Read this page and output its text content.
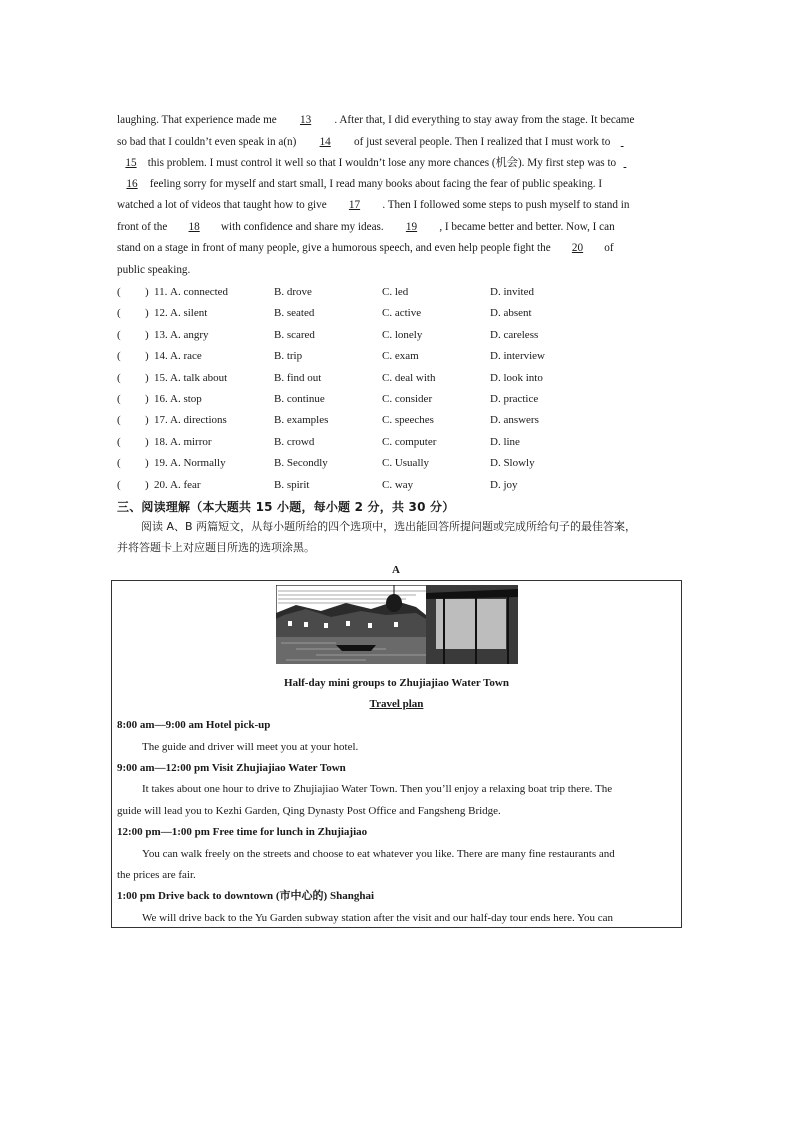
laughing. That experience made me 13 . After that, I did everything to stay away from the stage. It became
so bad that I couldn’t even speak in a(n) 14 of just several people. Then I realized that I must work to
15 this problem. I must control it well so that I wouldn’t lose any more chances (机会). My first step was to
16 feeling sorry for myself and start small, I read many books about facing the fear of public speaking. I
watched a lot of videos that taught how to give 17 . Then I followed some steps to push myself to stand in
front of the 18 with confidence and share my ideas. 19 , I became better and better. Now, I can
stand on a stage in front of many people, give a humorous speech, and even help people fight the 20 of
public speaking.
( ) 11. A. connected	B. drove	C. led	D. invited
( ) 12. A. silent	B. seated	C. active	D. absent
( ) 13. A. angry	B. scared	C. lonely	D. careless
( ) 14. A. race	B. trip	C. exam	D. interview
( ) 15. A. talk about	B. find out	C. deal with	D. look into
( ) 16. A. stop	B. continue	C. consider	D. practice
( ) 17. A. directions	B. examples	C. speeches	D. answers
( ) 18. A. mirror	B. crowd	C. computer	D. line
( ) 19. A. Normally	B. Secondly	C. Usually	D. Slowly
( ) 20. A. fear	B. spirit	C. way	D. joy
三、阅读理解（本大题共 15 小题，每小题 2 分，共 30 分）
阅读 A、B 两篇短文，从每小题所给的四个选项中，选出能回答所提问题或完成所给句子的最佳答案，
并将答题卡上对应题目所选的选项涂黑。
A
Half-day mini groups to Zhujiajiao Water Town
Travel plan
8:00 am—9:00 am Hotel pick-up
The guide and driver will meet you at your hotel.
9:00 am—12:00 pm Visit Zhujiajiao Water Town
It takes about one hour to drive to Zhujiajiao Water Town. Then you’ll enjoy a relaxing boat trip there. The
guide will lead you to Kezhi Garden, Qing Dynasty Post Office and Fangsheng Bridge.
12:00 pm—1:00 pm Free time for lunch in Zhujiajiao
You can walk freely on the streets and choose to eat whatever you like. There are many fine restaurants and
the prices are fair.
1:00 pm Drive back to downtown (市中心的) Shanghai
We will drive back to the Yu Garden subway station after the visit and our half-day tour ends here. You can
